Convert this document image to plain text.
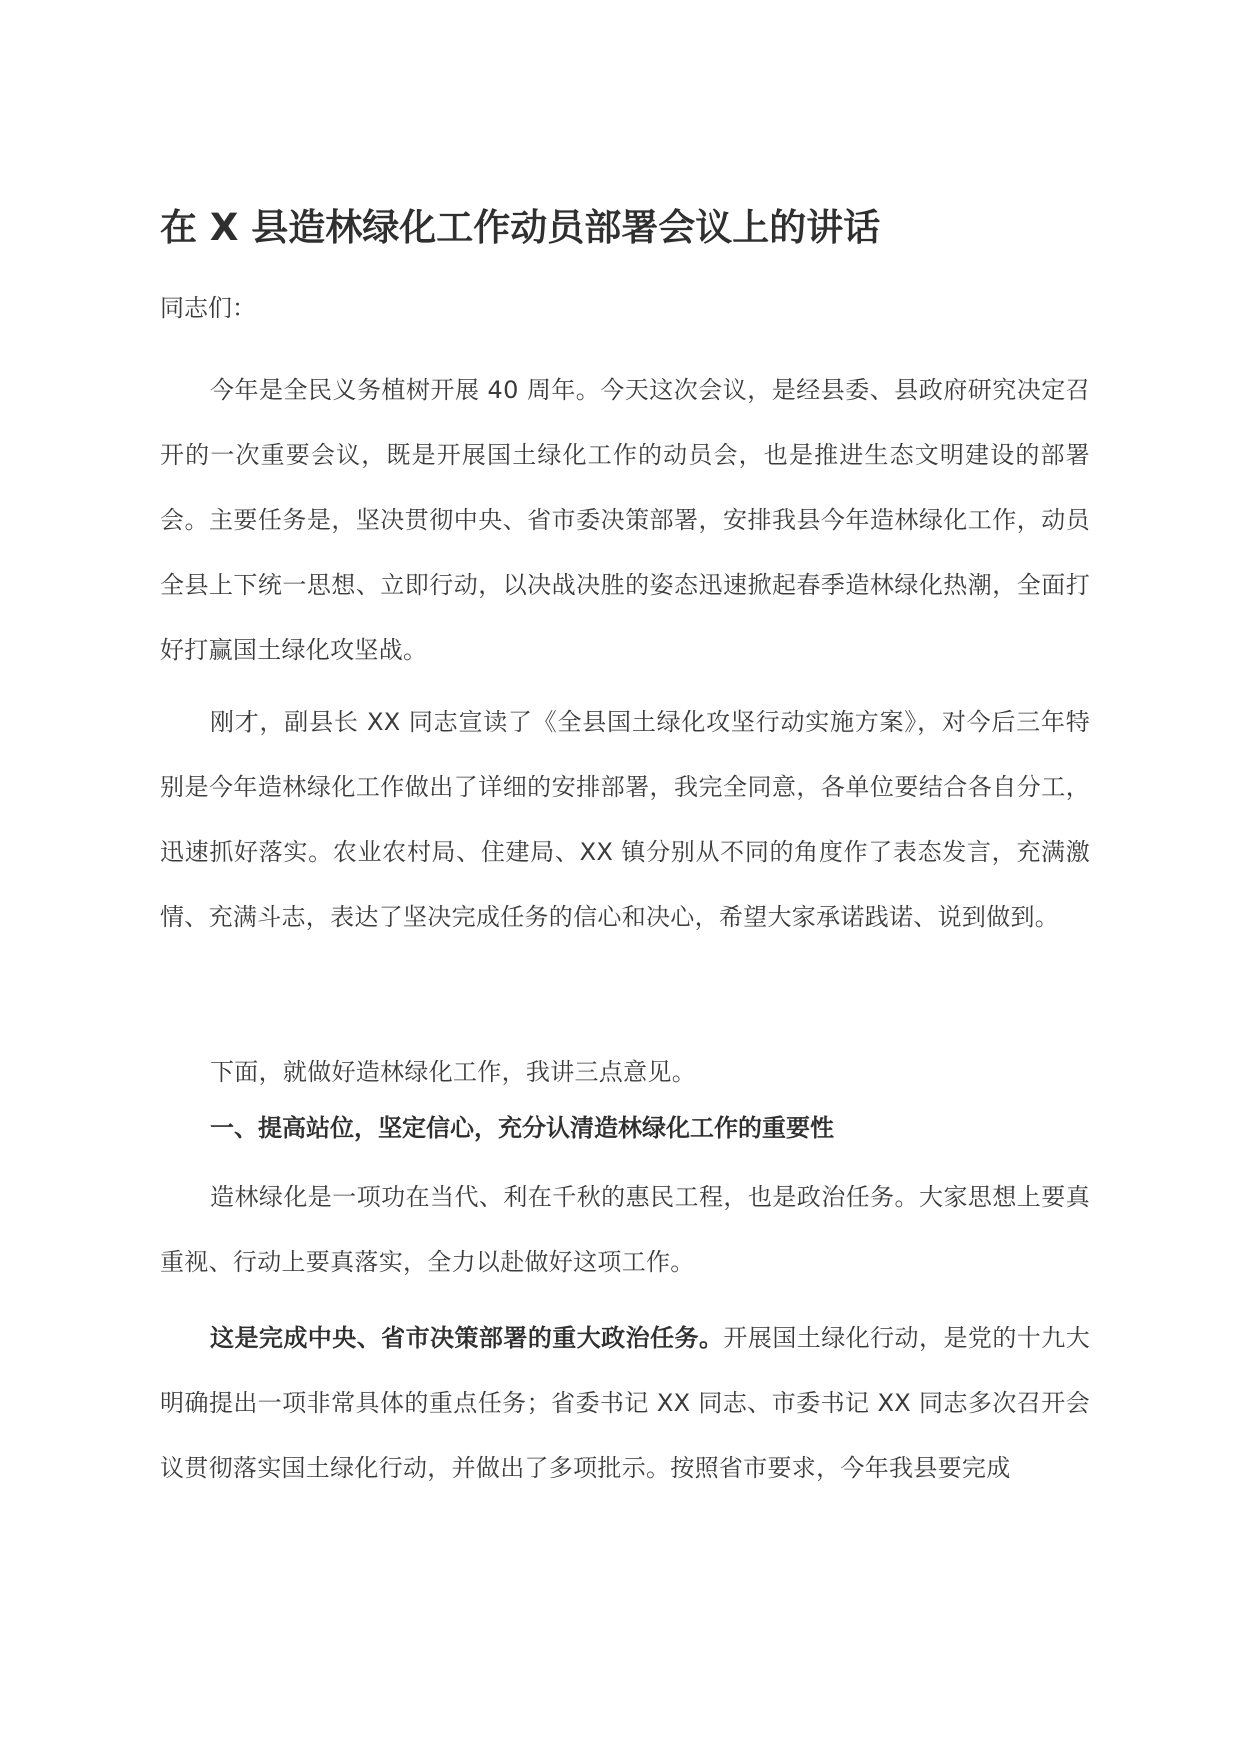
在 X 县造林绿化工作动员部署会议上的讲话
同志们：
今年是全民义务植树开展 40 周年。今天这次会议，是经县委、县政府研究决定召开的一次重要会议，既是开展国土绿化工作的动员会，也是推进生态文明建设的部署会。主要任务是，坚决贯彻中央、省市委决策部署，安排我县今年造林绿化工作，动员全县上下统一思想、立即行动，以决战决胜的姿态迅速掀起春季造林绿化热潮，全面打好打赢国土绿化攻坚战。
刚才，副县长 XX 同志宣读了《全县国土绿化攻坚行动实施方案》，对今后三年特别是今年造林绿化工作做出了详细的安排部署，我完全同意，各单位要结合各自分工，迅速抓好落实。农业农村局、住建局、XX 镇分别从不同的角度作了表态发言，充满激情、充满斗志，表达了坚决完成任务的信心和决心，希望大家承诺践诺、说到做到。
下面，就做好造林绿化工作，我讲三点意见。
一、提高站位，坚定信心，充分认清造林绿化工作的重要性
造林绿化是一项功在当代、利在千秋的惠民工程，也是政治任务。大家思想上要真重视、行动上要真落实，全力以赴做好这项工作。
这是完成中央、省市决策部署的重大政治任务。开展国土绿化行动，是党的十九大明确提出一项非常具体的重点任务；省委书记 XX 同志、市委书记 XX 同志多次召开会议贯彻落实国土绿化行动，并做出了多项批示。按照省市要求，今年我县要完成
